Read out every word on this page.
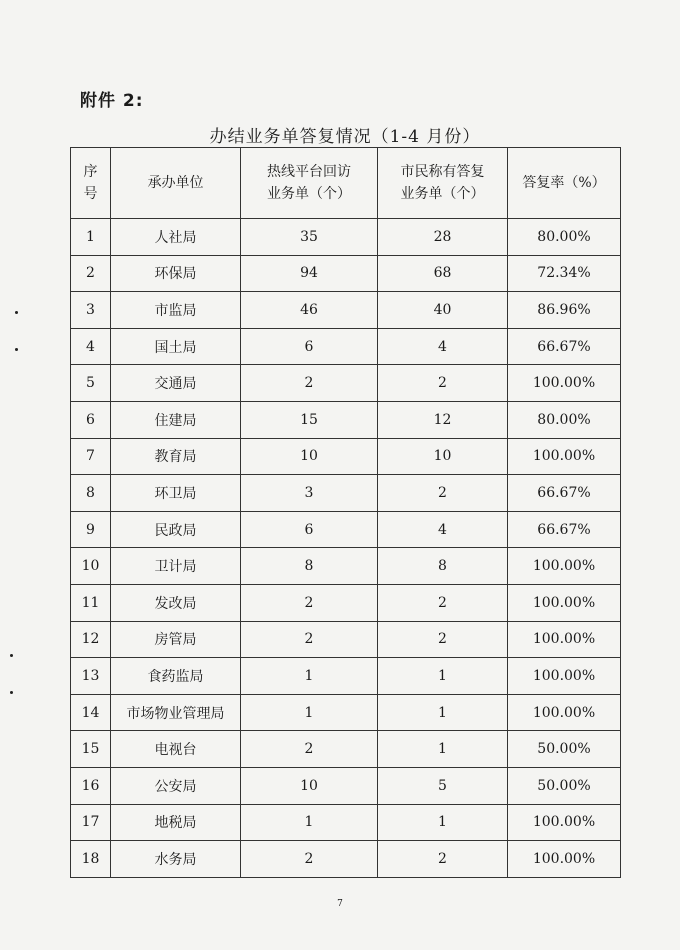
附件 2:
办结业务单答复情况（1-4 月份）
序号	承办单位	热线平台回访业务单（个）	市民称有答复业务单（个）	答复率（%）
1	人社局	35	28	80.00%
2	环保局	94	68	72.34%
3	市监局	46	40	86.96%
4	国土局	6	4	66.67%
5	交通局	2	2	100.00%
6	住建局	15	12	80.00%
7	教育局	10	10	100.00%
8	环卫局	3	2	66.67%
9	民政局	6	4	66.67%
10	卫计局	8	8	100.00%
11	发改局	2	2	100.00%
12	房管局	2	2	100.00%
13	食药监局	1	1	100.00%
14	市场物业管理局	1	1	100.00%
15	电视台	2	1	50.00%
16	公安局	10	5	50.00%
17	地税局	1	1	100.00%
18	水务局	2	2	100.00%
7
